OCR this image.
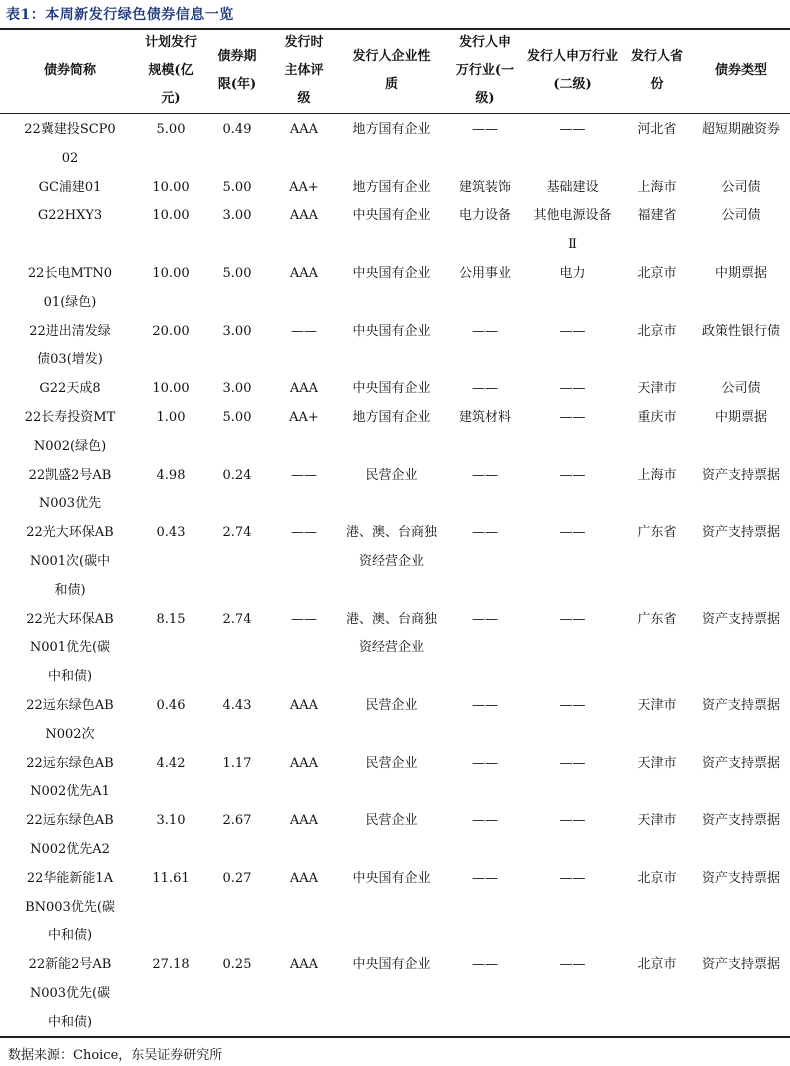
表1：本周新发行绿色债券信息一览
债券简称	计划发行规模(亿元)	债券期限(年)	发行时主体评级	发行人企业性质	发行人申万行业(一级)	发行人申万行业(二级)	发行人省份	债券类型
22冀建投SCP002	5.00	0.49	AAA	地方国有企业	——	——	河北省	超短期融资券
GC浦建01	10.00	5.00	AA+	地方国有企业	建筑装饰	基础建设	上海市	公司债
G22HXY3	10.00	3.00	AAA	中央国有企业	电力设备	其他电源设备Ⅱ	福建省	公司债
22长电MTN001(绿色)	10.00	5.00	AAA	中央国有企业	公用事业	电力	北京市	中期票据
22进出清发绿债03(增发)	20.00	3.00	——	中央国有企业	——	——	北京市	政策性银行债
G22天成8	10.00	3.00	AAA	中央国有企业	——	——	天津市	公司债
22长寿投资MTN002(绿色)	1.00	5.00	AA+	地方国有企业	建筑材料	——	重庆市	中期票据
22凯盛2号ABN003优先	4.98	0.24	——	民营企业	——	——	上海市	资产支持票据
22光大环保ABN001次(碳中和债)	0.43	2.74	——	港、澳、台商独资经营企业	——	——	广东省	资产支持票据
22光大环保ABN001优先(碳中和债)	8.15	2.74	——	港、澳、台商独资经营企业	——	——	广东省	资产支持票据
22远东绿色ABN002次	0.46	4.43	AAA	民营企业	——	——	天津市	资产支持票据
22远东绿色ABN002优先A1	4.42	1.17	AAA	民营企业	——	——	天津市	资产支持票据
22远东绿色ABN002优先A2	3.10	2.67	AAA	民营企业	——	——	天津市	资产支持票据
22华能新能1ABN003优先(碳中和债)	11.61	0.27	AAA	中央国有企业	——	——	北京市	资产支持票据
22新能2号ABN003优先(碳中和债)	27.18	0.25	AAA	中央国有企业	——	——	北京市	资产支持票据
数据来源：Choice，东吴证券研究所
